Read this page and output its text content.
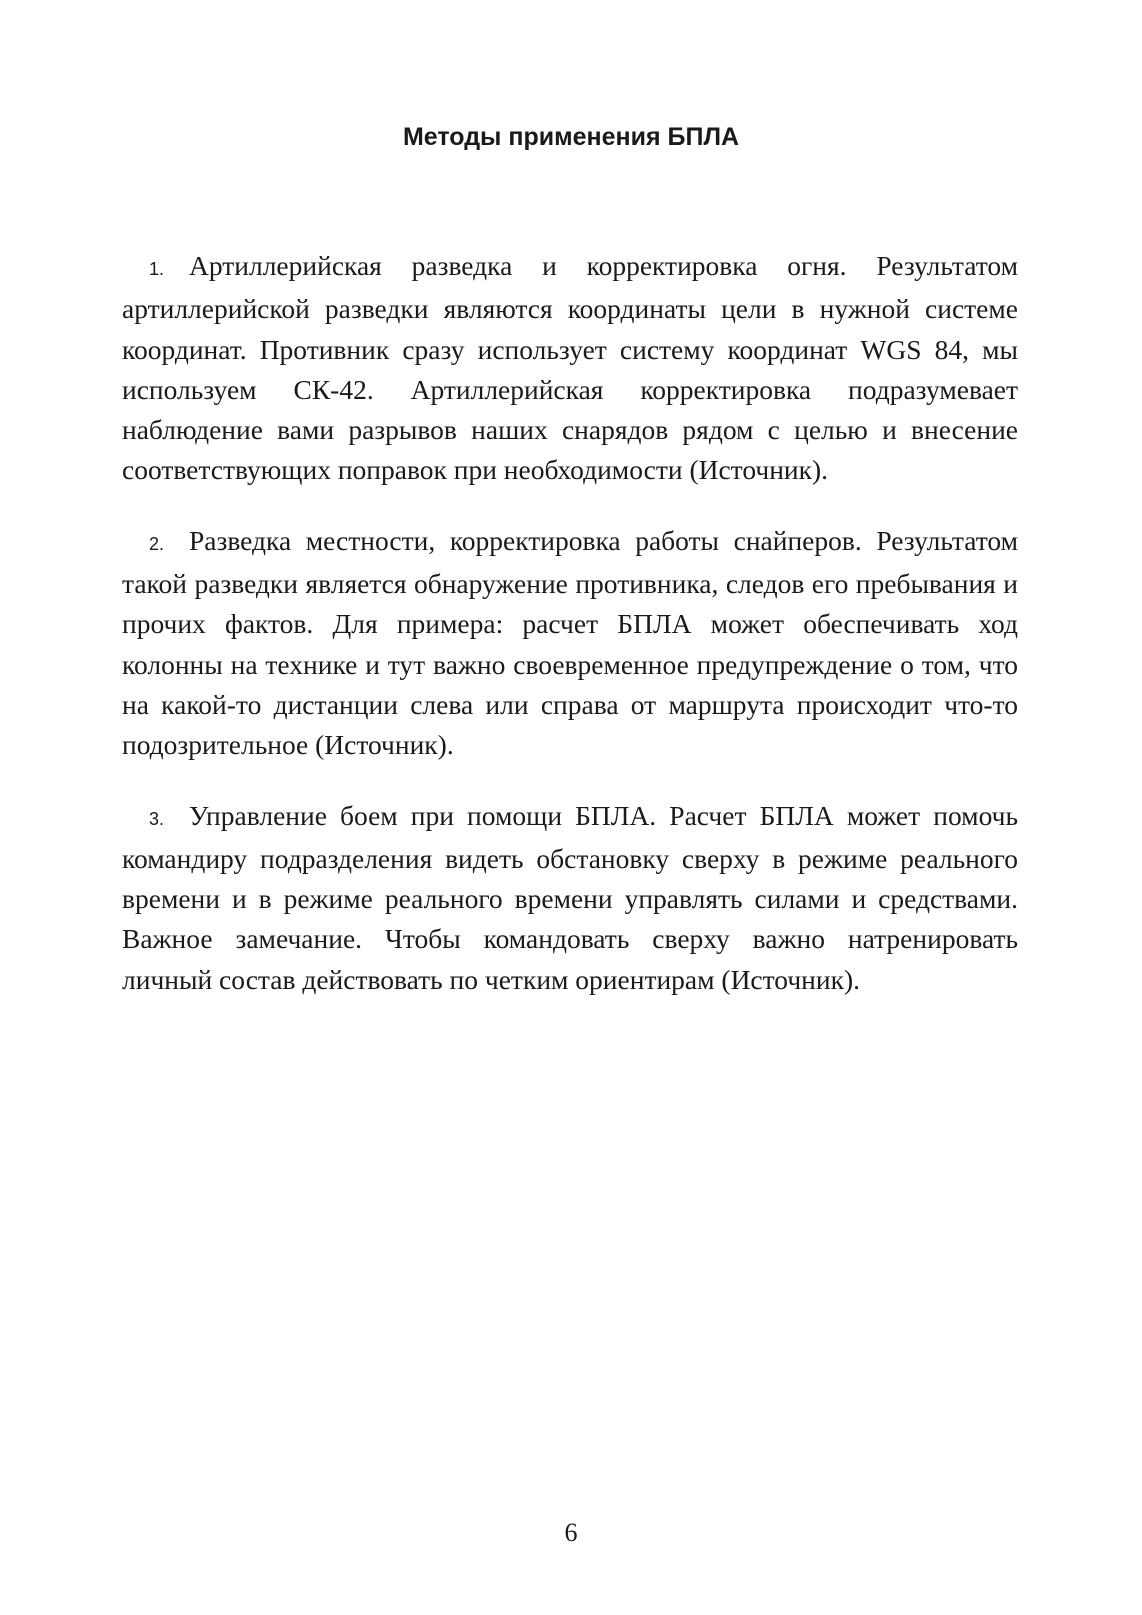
Методы применения БПЛА

1. Артиллерийская разведка и корректировка огня. Результатом артиллерийской разведки являются координаты цели в нужной системе координат. Противник сразу использует систему координат WGS 84, мы используем СК-42. Артиллерийская корректировка подразумевает наблюдение вами разрывов наших снарядов рядом с целью и внесение соответствующих поправок при необходимости (Источник).

2. Разведка местности, корректировка работы снайперов. Результатом такой разведки является обнаружение противника, следов его пребывания и прочих фактов. Для примера: расчет БПЛА может обеспечивать ход колонны на технике и тут важно своевременное предупреждение о том, что на какой-то дистанции слева или справа от маршрута происходит что-то подозрительное (Источник).

3. Управление боем при помощи БПЛА. Расчет БПЛА может помочь командиру подразделения видеть обстановку сверху в режиме реального времени и в режиме реального времени управлять силами и средствами. Важное замечание. Чтобы командовать сверху важно натренировать личный состав действовать по четким ориентирам (Источник).

6
